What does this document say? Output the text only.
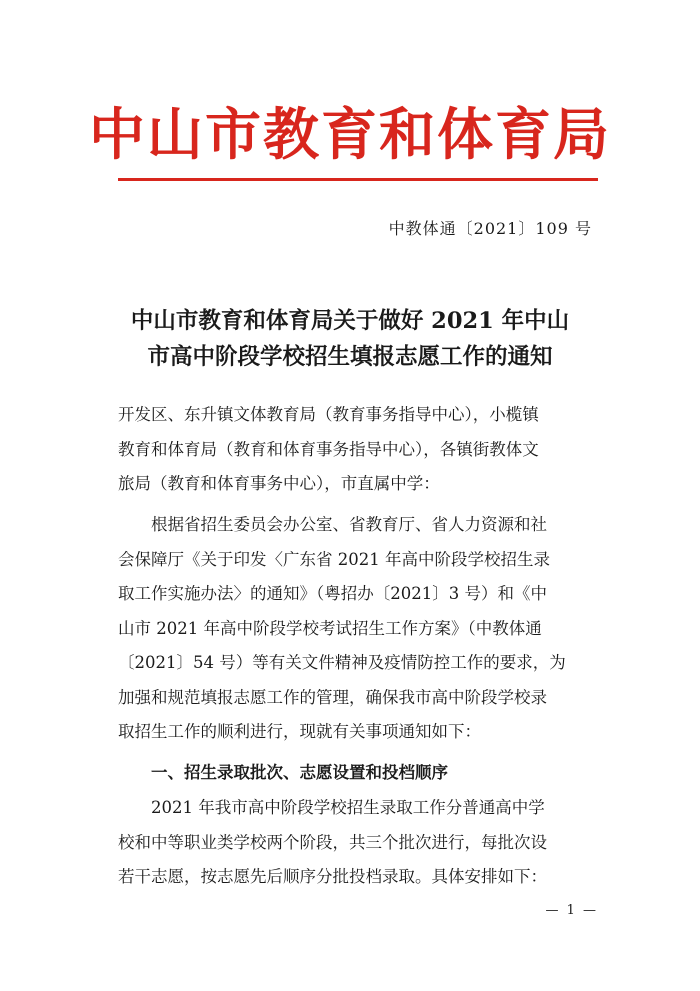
中山市教育和体育局
中教体通〔2021〕109 号
中山市教育和体育局关于做好 2021 年中山
市高中阶段学校招生填报志愿工作的通知
开发区、东升镇文体教育局（教育事务指导中心），小榄镇
教育和体育局（教育和体育事务指导中心），各镇街教体文
旅局（教育和体育事务中心），市直属中学：
根据省招生委员会办公室、省教育厅、省人力资源和社
会保障厅《关于印发〈广东省 2021 年高中阶段学校招生录
取工作实施办法〉的通知》（粤招办〔2021〕3 号）和《中
山市 2021 年高中阶段学校考试招生工作方案》（中教体通
〔2021〕54 号）等有关文件精神及疫情防控工作的要求，为
加强和规范填报志愿工作的管理，确保我市高中阶段学校录
取招生工作的顺利进行，现就有关事项通知如下：
一、招生录取批次、志愿设置和投档顺序
2021 年我市高中阶段学校招生录取工作分普通高中学
校和中等职业类学校两个阶段，共三个批次进行，每批次设
若干志愿，按志愿先后顺序分批投档录取。具体安排如下：
— 1 —
